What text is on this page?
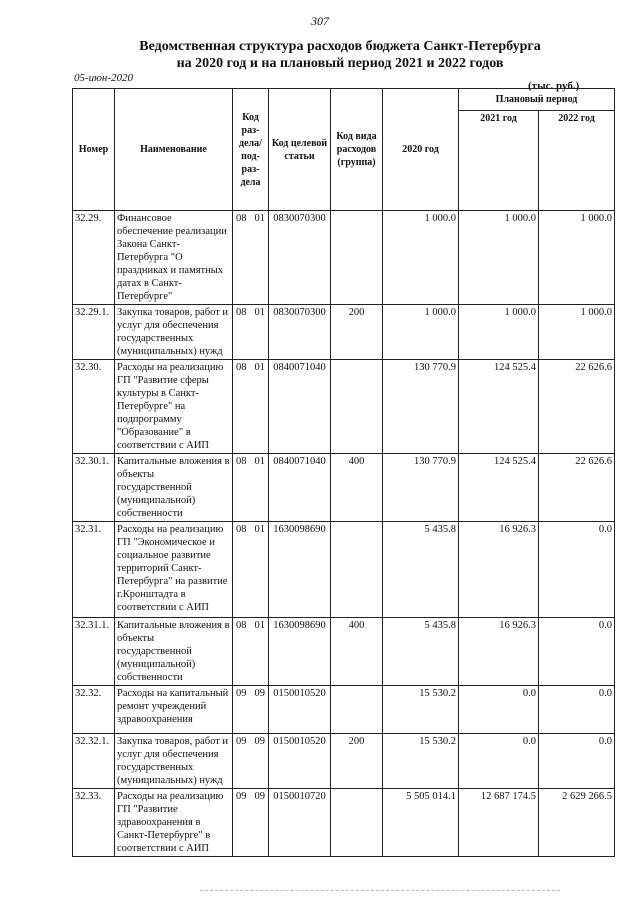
307
Ведомственная структура расходов бюджета Санкт-Петербурга
на 2020 год и на плановый период 2021 и 2022 годов
05-июн-2020
(тыс. руб.)
Номер	Наименование	Код раз-дела/ под-раз-дела	Код целевой статьи	Код вида расходов (группа)	2020 год	Плановый период	
						2021 год	2022 год
32.29.	Финансовое обеспечение реализации Закона Санкт-Петербурга "О праздниках и памятных датах в Санкт-Петербурге"	08 01	0830070300		1 000.0	1 000.0	1 000.0
32.29.1.	Закупка товаров, работ и услуг для обеспечения государственных (муниципальных) нужд	08 01	0830070300	200	1 000.0	1 000.0	1 000.0
32.30.	Расходы на реализацию ГП "Развитие сферы культуры в Санкт-Петербурге" на подпрограмму "Образование" в соответствии с АИП	08 01	0840071040		130 770.9	124 525.4	22 626.6
32.30.1.	Капитальные вложения в объекты государственной (муниципальной) собственности	08 01	0840071040	400	130 770.9	124 525.4	22 626.6
32.31.	Расходы на реализацию ГП "Экономическое и социальное развитие территорий Санкт-Петербурга" на развитие г.Кронштадта в соответствии с АИП	08 01	1630098690		5 435.8	16 926.3	0.0
32.31.1.	Капитальные вложения в объекты государственной (муниципальной) собственности	08 01	1630098690	400	5 435.8	16 926.3	0.0
32.32.	Расходы на капитальный ремонт учреждений здравоохранения	09 09	0150010520		15 530.2	0.0	0.0
32.32.1.	Закупка товаров, работ и услуг для обеспечения государственных (муниципальных) нужд	09 09	0150010520	200	15 530.2	0.0	0.0
32.33.	Расходы на реализацию ГП "Развитие здравоохранения в Санкт-Петербурге" в соответствии с АИП	09 09	0150010720		5 505 014.1	12 687 174.5	2 629 266.5
